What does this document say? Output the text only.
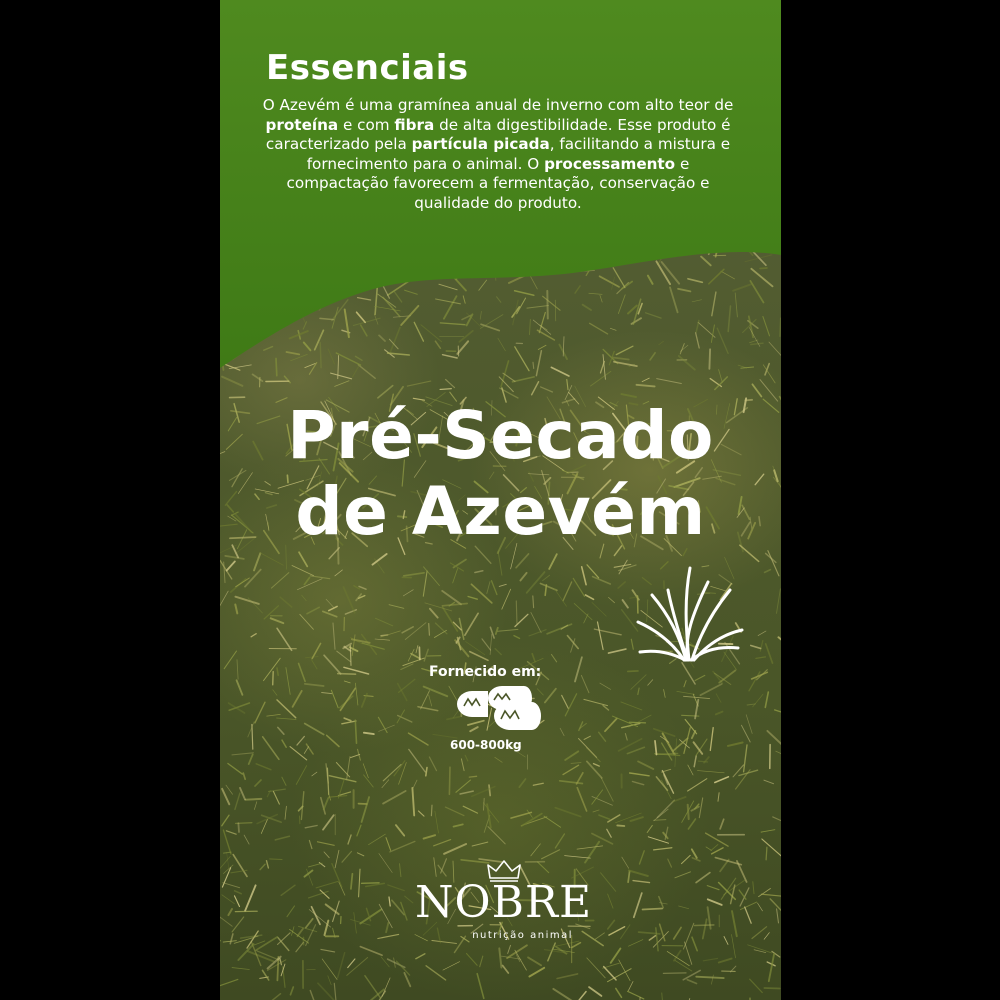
Essenciais

O Azevém é uma gramínea anual de inverno com alto teor de proteína e com fibra de alta digestibilidade. Esse produto é caracterizado pela partícula picada, facilitando a mistura e fornecimento para o animal. O processamento e compactação favorecem a fermentação, conservação e qualidade do produto.

Pré-Secado
de Azevém
Fornecido em:
600-800kg
NOBRE
nutrição animal
